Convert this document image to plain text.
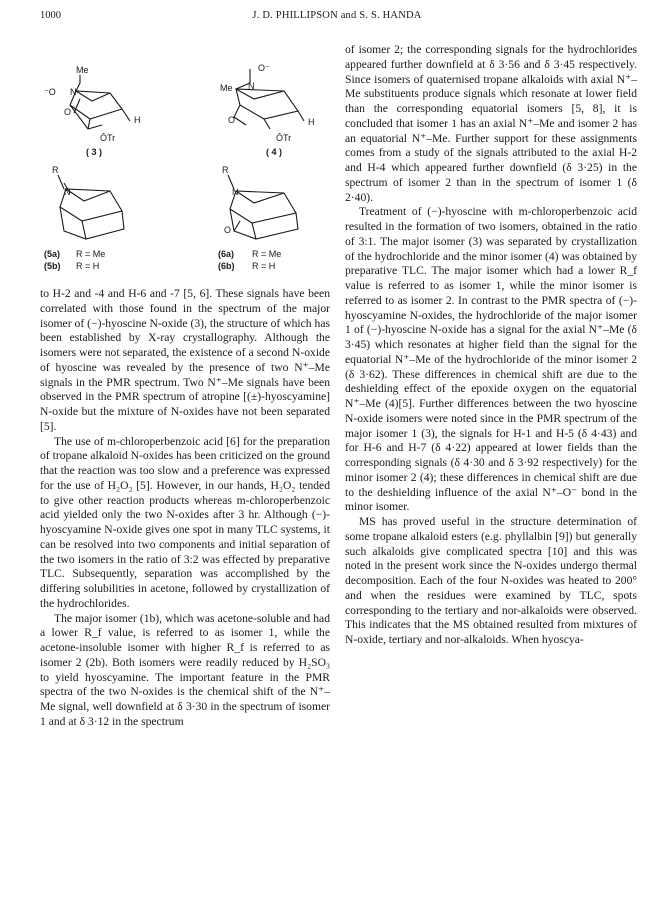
1000	J. D. PHILLIPSON and S. S. HANDA
Me
⁻O N
H
ŌTr
O
( 3 )
O⁻
Me N
H
ŌTr
O
( 4 )
R
N
(5a) R = Me
(5b) R = H
R
N
O
(6a) R = Me
(6b) R = H

to H-2 and -4 and H-6 and -7 [5, 6]. These signals have been correlated with those found in the spectrum of the major isomer of (−)-hyoscine N-oxide (3), the structure of which has been established by X-ray crystallography. Although the isomers were not separated, the existence of a second N-oxide of hyoscine was revealed by the presence of two N⁺–Me signals in the PMR spectrum. Two N⁺–Me signals have been observed in the PMR spectrum of atropine [(±)-hyoscyamine] N-oxide but the mixture of N-oxides have not been separated [5].

The use of m-chloroperbenzoic acid [6] for the preparation of tropane alkaloid N-oxides has been criticized on the ground that the reaction was too slow and a preference was expressed for the use of H₂O₂ [5]. However, in our hands, H₂O₂ tended to give other reaction products whereas m-chloroperbenzoic acid yielded only the two N-oxides after 3 hr. Although (−)-hyoscyamine N-oxide gives one spot in many TLC systems, it can be resolved into two components and initial separation of the two isomers in the ratio of 3:2 was effected by preparative TLC. Subsequently, separation was accomplished by the differing solubilities in acetone, followed by crystallization of the hydrochlorides.

The major isomer (1b), which was acetone-soluble and had a lower R_f value, is referred to as isomer 1, while the acetone-insoluble isomer with higher R_f is referred to as isomer 2 (2b). Both isomers were readily reduced by H₂SO₃ to yield hyoscyamine. The important feature in the PMR spectra of the two N-oxides is the chemical shift of the N⁺–Me signal, well downfield at δ 3·30 in the spectrum of isomer 1 and at δ 3·12 in the spectrum

of isomer 2; the corresponding signals for the hydrochlorides appeared further downfield at δ 3·56 and δ 3·45 respectively. Since isomers of quaternised tropane alkaloids with axial N⁺–Me substituents produce signals which resonate at lower field than the corresponding equatorial isomers [5, 8], it is concluded that isomer 1 has an axial N⁺–Me and isomer 2 has an equatorial N⁺–Me. Further support for these assignments comes from a study of the signals attributed to the axial H-2 and H-4 which appeared further downfield (δ 3·25) in the spectrum of isomer 2 than in the spectrum of isomer 1 (δ 2·40).

Treatment of (−)-hyoscine with m-chloroperbenzoic acid resulted in the formation of two isomers, obtained in the ratio of 3:1. The major isomer (3) was separated by crystallization of the hydrochloride and the minor isomer (4) was obtained by preparative TLC. The major isomer which had a lower R_f value is referred to as isomer 1, while the minor isomer is referred to as isomer 2. In contrast to the PMR spectra of (−)-hyoscyamine N-oxides, the hydrochloride of the major isomer 1 of (−)-hyoscine N-oxide has a signal for the axial N⁺–Me (δ 3·45) which resonates at higher field than the signal for the equatorial N⁺–Me of the hydrochloride of the minor isomer 2 (δ 3·62). These differences in chemical shift are due to the deshielding effect of the epoxide oxygen on the equatorial N⁺–Me (4)[5]. Further differences between the two hyoscine N-oxide isomers were noted since in the PMR spectrum of the major isomer 1 (3), the signals for H-1 and H-5 (δ 4·43) and for H-6 and H-7 (δ 4·22) appeared at lower fields than the corresponding signals (δ 4·30 and δ 3·92 respectively) for the minor isomer 2 (4); these differences in chemical shift are due to the deshielding influence of the axial N⁺–O⁻ bond in the minor isomer.

MS has proved useful in the structure determination of some tropane alkaloid esters (e.g. phyllalbin [9]) but generally such alkaloids give complicated spectra [10] and this was noted in the present work since the N-oxides undergo thermal decomposition. Each of the four N-oxides was heated to 200° and when the residues were examined by TLC, spots corresponding to the tertiary and nor-alkaloids were observed. This indicates that the MS obtained resulted from mixtures of N-oxide, tertiary and nor-alkaloids. When hyoscya-
